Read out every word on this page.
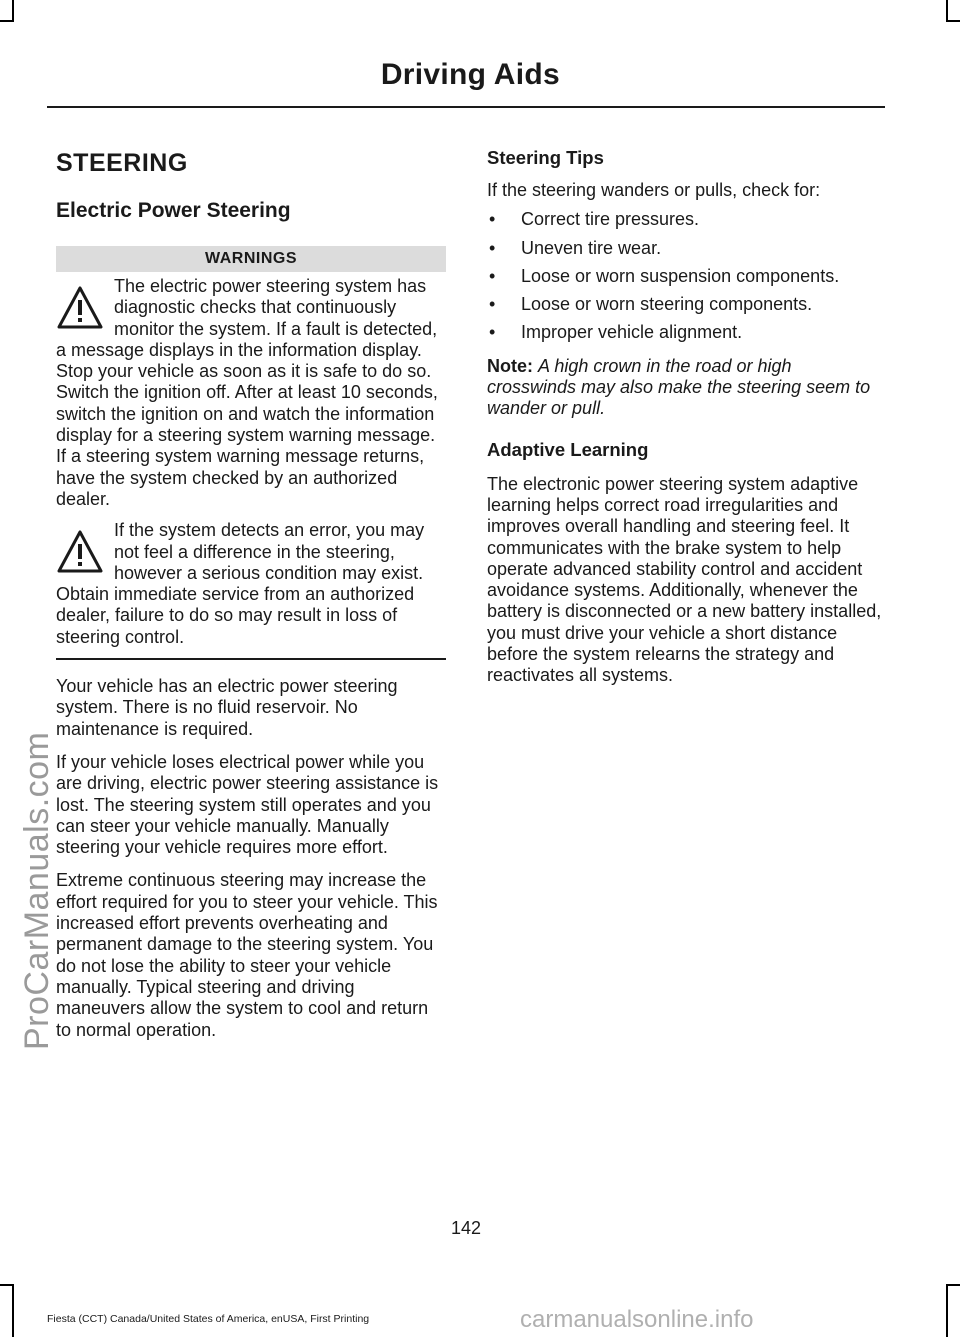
Driving Aids
ProCarManuals.com
STEERING
Electric Power Steering
WARNINGS
The electric power steering system has diagnostic checks that continuously monitor the system. If a fault is detected, a message displays in the information display. Stop your vehicle as soon as it is safe to do so. Switch the ignition off. After at least 10 seconds, switch the ignition on and watch the information display for a steering system warning message. If a steering system warning message returns, have the system checked by an authorized dealer.
If the system detects an error, you may not feel a difference in the steering, however a serious condition may exist. Obtain immediate service from an authorized dealer, failure to do so may result in loss of steering control.

Your vehicle has an electric power steering system. There is no fluid reservoir. No maintenance is required.

If your vehicle loses electrical power while you are driving, electric power steering assistance is lost. The steering system still operates and you can steer your vehicle manually. Manually steering your vehicle requires more effort.

Extreme continuous steering may increase the effort required for you to steer your vehicle. This increased effort prevents overheating and permanent damage to the steering system. You do not lose the ability to steer your vehicle manually. Typical steering and driving maneuvers allow the system to cool and return to normal operation.

Steering Tips

If the steering wanders or pulls, check for:

• Correct tire pressures.
• Uneven tire wear.
• Loose or worn suspension components.
• Loose or worn steering components.
• Improper vehicle alignment.

Note: A high crown in the road or high crosswinds may also make the steering seem to wander or pull.

Adaptive Learning

The electronic power steering system adaptive learning helps correct road irregularities and improves overall handling and steering feel. It communicates with the brake system to help operate advanced stability control and accident avoidance systems. Additionally, whenever the battery is disconnected or a new battery installed, you must drive your vehicle a short distance before the system relearns the strategy and reactivates all systems.

142
Fiesta (CCT) Canada/United States of America, enUSA, First Printing	carmanualsonline.info
